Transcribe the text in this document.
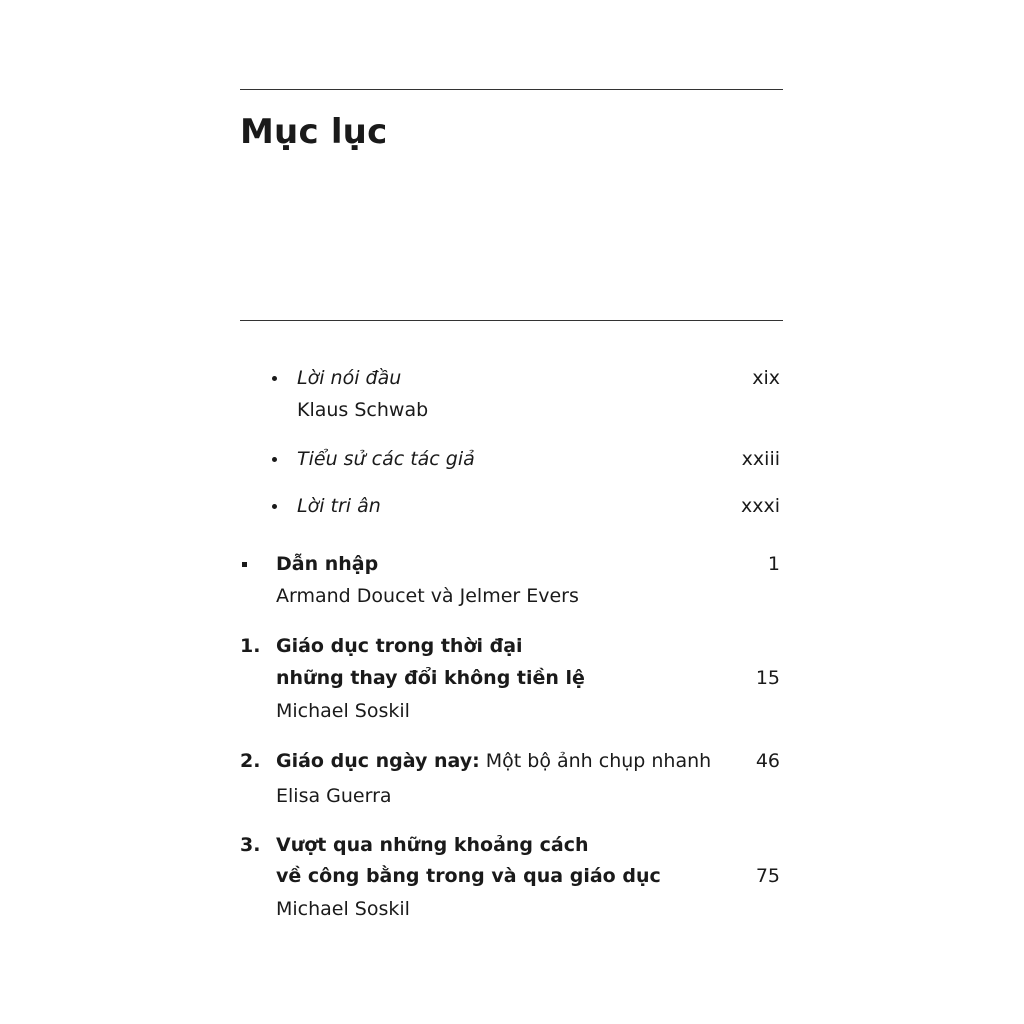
Mục lục
Lời nói đầu	xix
Klaus Schwab
Tiểu sử các tác giả	xxiii
Lời tri ân	xxxi
Dẫn nhập	1
Armand Doucet và Jelmer Evers
1. Giáo dục trong thời đại
những thay đổi không tiền lệ	15
Michael Soskil
2. Giáo dục ngày nay: Một bộ ảnh chụp nhanh 46
Elisa Guerra
3. Vượt qua những khoảng cách
về công bằng trong và qua giáo dục	75
Michael Soskil
